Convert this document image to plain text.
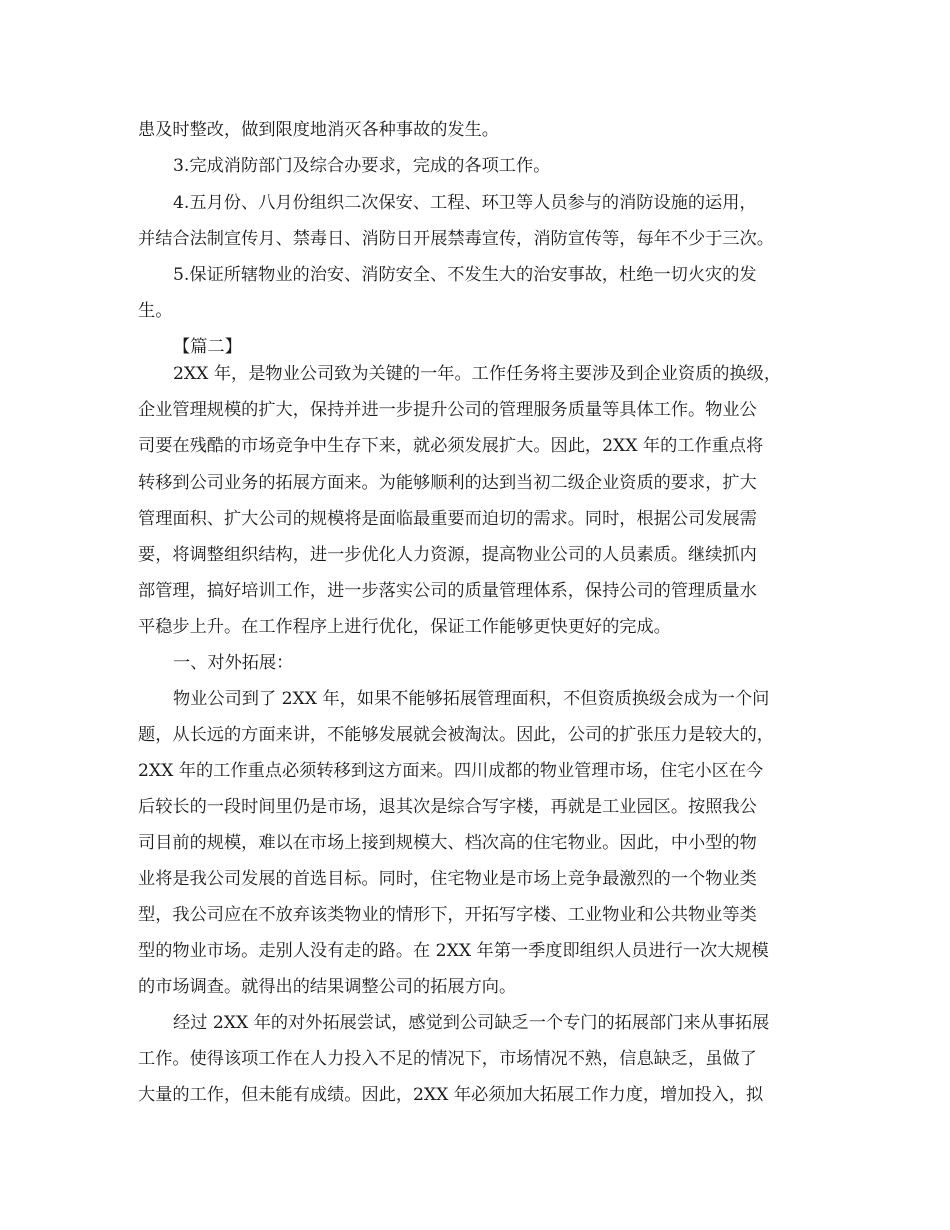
患及时整改，做到限度地消灭各种事故的发生。
3.完成消防部门及综合办要求，完成的各项工作。
4.五月份、八月份组织二次保安、工程、环卫等人员参与的消防设施的运用，
并结合法制宣传月、禁毒日、消防日开展禁毒宣传，消防宣传等，每年不少于三次。
5.保证所辖物业的治安、消防安全、不发生大的治安事故，杜绝一切火灾的发
生。
【篇二】
2XX 年，是物业公司致为关键的一年。工作任务将主要涉及到企业资质的换级，
企业管理规模的扩大，保持并进一步提升公司的管理服务质量等具体工作。物业公
司要在残酷的市场竞争中生存下来，就必须发展扩大。因此，2XX 年的工作重点将
转移到公司业务的拓展方面来。为能够顺利的达到当初二级企业资质的要求，扩大
管理面积、扩大公司的规模将是面临最重要而迫切的需求。同时，根据公司发展需
要，将调整组织结构，进一步优化人力资源，提高物业公司的人员素质。继续抓内
部管理，搞好培训工作，进一步落实公司的质量管理体系，保持公司的管理质量水
平稳步上升。在工作程序上进行优化，保证工作能够更快更好的完成。
一、对外拓展：
物业公司到了 2XX 年，如果不能够拓展管理面积，不但资质换级会成为一个问
题，从长远的方面来讲，不能够发展就会被淘汰。因此，公司的扩张压力是较大的，
2XX 年的工作重点必须转移到这方面来。四川成都的物业管理市场，住宅小区在今
后较长的一段时间里仍是市场，退其次是综合写字楼，再就是工业园区。按照我公
司目前的规模，难以在市场上接到规模大、档次高的住宅物业。因此，中小型的物
业将是我公司发展的首选目标。同时，住宅物业是市场上竞争最激烈的一个物业类
型，我公司应在不放弃该类物业的情形下，开拓写字楼、工业物业和公共物业等类
型的物业市场。走别人没有走的路。在 2XX 年第一季度即组织人员进行一次大规模
的市场调查。就得出的结果调整公司的拓展方向。
经过 2XX 年的对外拓展尝试，感觉到公司缺乏一个专门的拓展部门来从事拓展
工作。使得该项工作在人力投入不足的情况下，市场情况不熟，信息缺乏，虽做了
大量的工作，但未能有成绩。因此，2XX 年必须加大拓展工作力度，增加投入，拟
